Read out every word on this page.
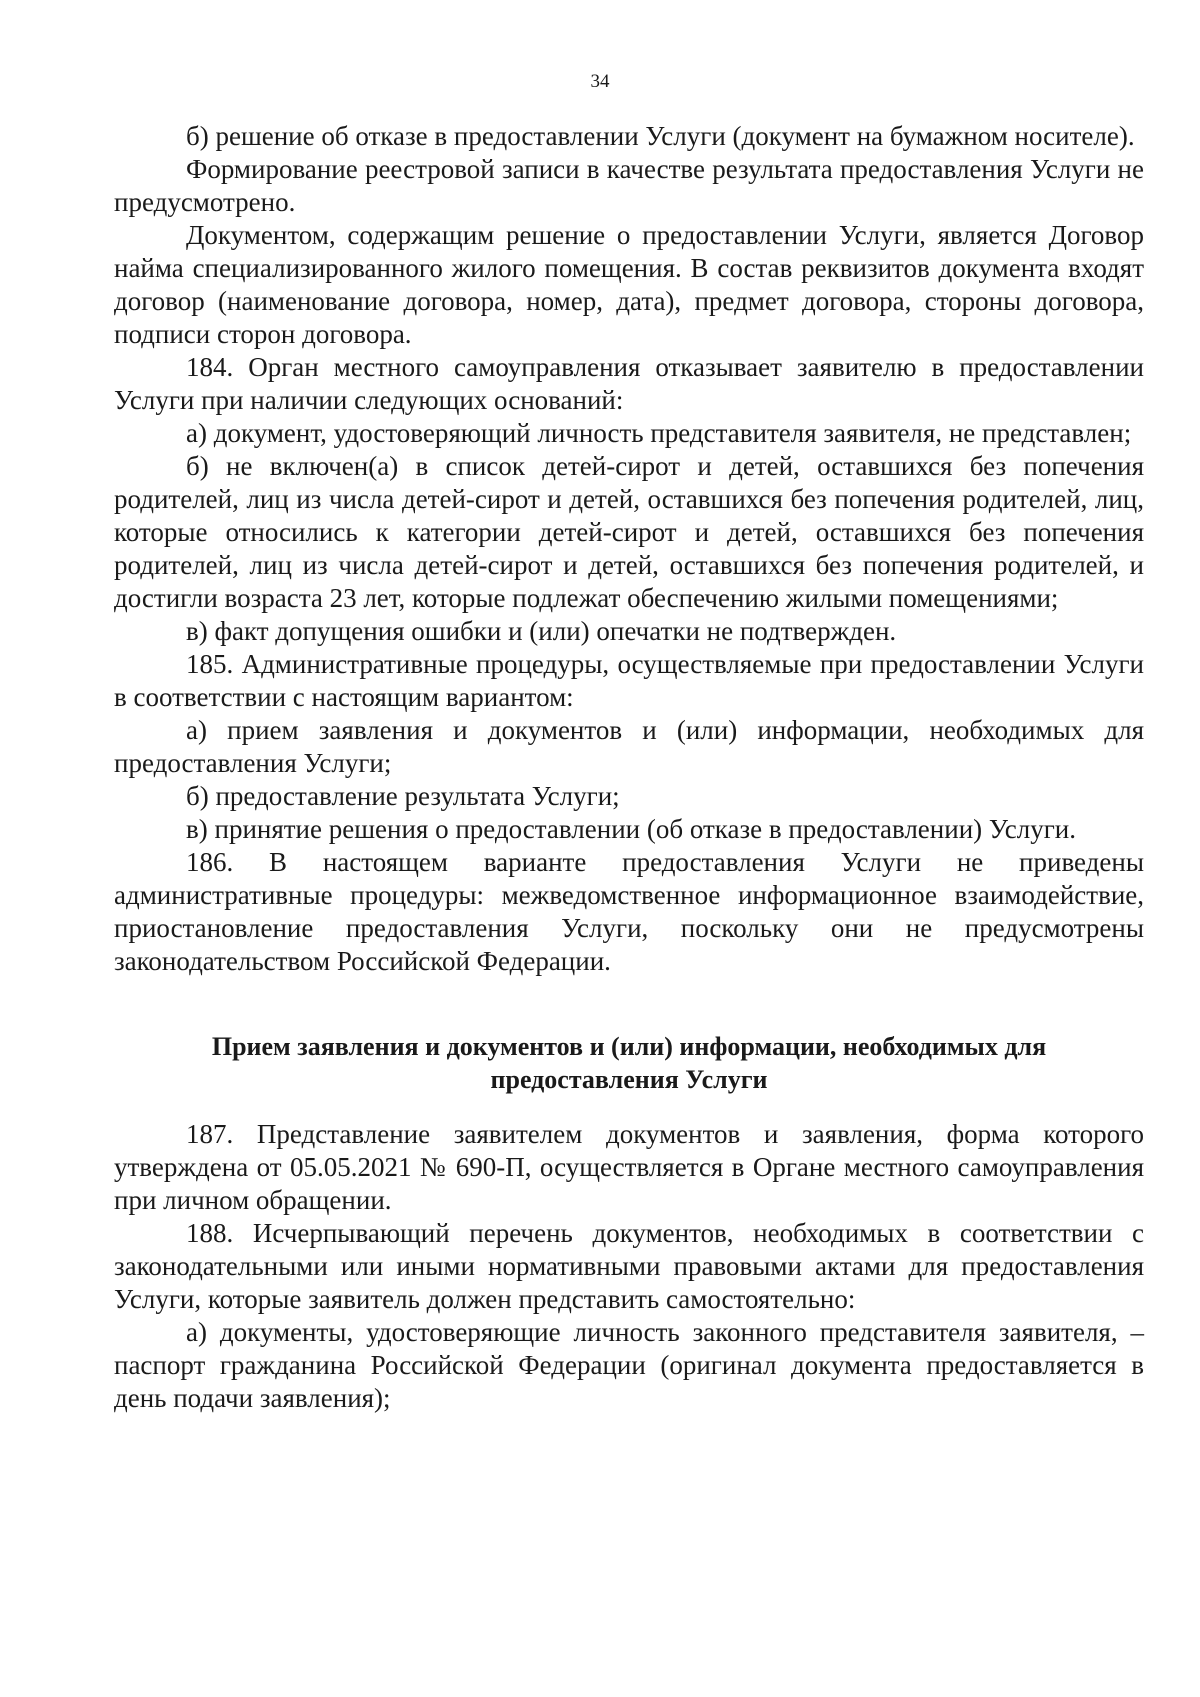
34

б) решение об отказе в предоставлении Услуги (документ на бумажном носителе).

Формирование реестровой записи в качестве результата предоставления Услуги не предусмотрено.

Документом, содержащим решение о предоставлении Услуги, является Договор найма специализированного жилого помещения. В состав реквизитов документа входят договор (наименование договора, номер, дата), предмет договора, стороны договора, подписи сторон договора.

184. Орган местного самоуправления отказывает заявителю в предоставлении Услуги при наличии следующих оснований:

а) документ, удостоверяющий личность представителя заявителя, не представлен;

б) не включен(а) в список детей-сирот и детей, оставшихся без попечения родителей, лиц из числа детей-сирот и детей, оставшихся без попечения родителей, лиц, которые относились к категории детей-сирот и детей, оставшихся без попечения родителей, лиц из числа детей-сирот и детей, оставшихся без попечения родителей, и достигли возраста 23 лет, которые подлежат обеспечению жилыми помещениями;

в) факт допущения ошибки и (или) опечатки не подтвержден.

185. Административные процедуры, осуществляемые при предоставлении Услуги в соответствии с настоящим вариантом:

а) прием заявления и документов и (или) информации, необходимых для предоставления Услуги;

б) предоставление результата Услуги;

в) принятие решения о предоставлении (об отказе в предоставлении) Услуги.

186. В настоящем варианте предоставления Услуги не приведены административные процедуры: межведомственное информационное взаимодействие, приостановление предоставления Услуги, поскольку они не предусмотрены законодательством Российской Федерации.

Прием заявления и документов и (или) информации, необходимых для предоставления Услуги

187. Представление заявителем документов и заявления, форма которого утверждена от 05.05.2021 № 690-П, осуществляется в Органе местного самоуправления при личном обращении.

188. Исчерпывающий перечень документов, необходимых в соответствии с законодательными или иными нормативными правовыми актами для предоставления Услуги, которые заявитель должен представить самостоятельно:

а) документы, удостоверяющие личность законного представителя заявителя, – паспорт гражданина Российской Федерации (оригинал документа предоставляется в день подачи заявления);
